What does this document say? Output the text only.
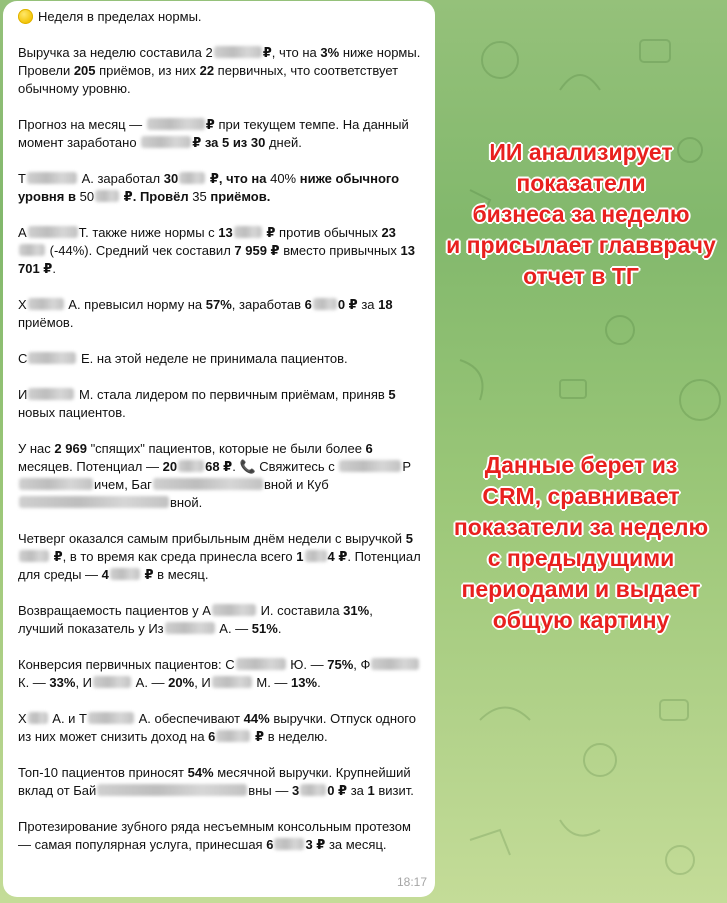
Неделя в пределах нормы.

Выручка за неделю составила 2	₽, что на 3% ниже нормы. Провели 205 приёмов, из них 22 первичных, что соответствует обычному уровню.

Прогноз на месяц —	₽ при текущем темпе. На данный момент заработано	₽ за 5 из 30 дней.

Т	А. заработал 30 ₽, что на 40% ниже обычного уровня в 50 ₽. Провёл 35 приёмов.

А	Т. также ниже нормы с 13 ₽ против обычных 23 (-44%). Средний чек составил 7 959 ₽ вместо привычных 13 701 ₽.

Х	А. превысил норму на 57%, заработав 6 0 ₽ за 18 приёмов.

С	Е. на этой неделе не принимала пациентов.

И	М. стала лидером по первичным приёмам, приняв 5 новых пациентов.

У нас 2 969 "спящих" пациентов, которые не были более 6 месяцев. Потенциал — 20 68 ₽. 📞 Свяжитесь с	Ричем, Баг	вной и Кубвной.

Четверг оказался самым прибыльным днём недели с выручкой 5 ₽, в то время как среда принесла всего 1 4 ₽. Потенциал для среды — 4 ₽ в месяц.

Возвращаемость пациентов у А	И. составила 31%, лучший показатель у Из	А. — 51%.

Конверсия первичных пациентов: С	Ю. — 75%, Ф К. — 33%, И	А. — 20%, И	М. — 13%.

Х А. и Т	А. обеспечивают 44% выручки. Отпуск одного из них может снизить доход на 6	₽ в неделю.

Топ-10 пациентов приносят 54% месячной выручки. Крупнейший вклад от Бай	вны — 3 0 ₽ за 1 визит.

Протезирование зубного ряда несъемным консольным протезом — самая популярная услуга, принесшая 6 3 ₽ за месяц.

18:17
ИИ анализирует
показатели
бизнеса за неделю
и присылает главврачу
отчет в ТГ
Данные берет из
CRM, сравнивает
показатели за неделю
с предыдущими
периодами и выдает
общую картину
